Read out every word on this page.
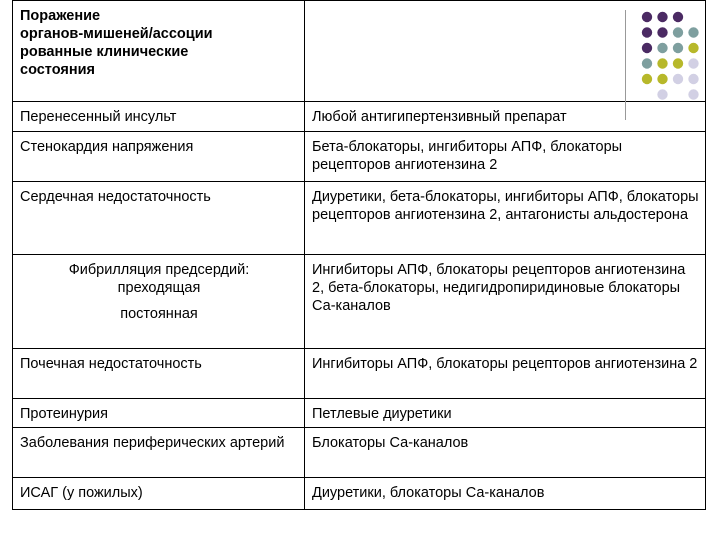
Поражение
органов-мишеней/ассоции
рованные клинические
состояния	
Перенесенный инсульт	Любой антигипертензивный препарат
Стенокардия напряжения	Бета-блокаторы, ингибиторы АПФ, блокаторы рецепторов ангиотензина 2
Сердечная недостаточность	Диуретики, бета-блокаторы, ингибиторы АПФ, блокаторы рецепторов ангиотензина 2, антагонисты альдостерона

Фибрилляция предсердий:
преходящая
постоянная	Ингибиторы АПФ, блокаторы рецепторов ангиотензина 2, бета-блокаторы, недигидропиридиновые блокаторы Са-каналов
Почечная недостаточность	Ингибиторы АПФ, блокаторы рецепторов ангиотензина 2
Протеинурия	Петлевые диуретики
Заболевания периферических артерий	Блокаторы Са-каналов
ИСАГ (у пожилых)	Диуретики, блокаторы Са-каналов
